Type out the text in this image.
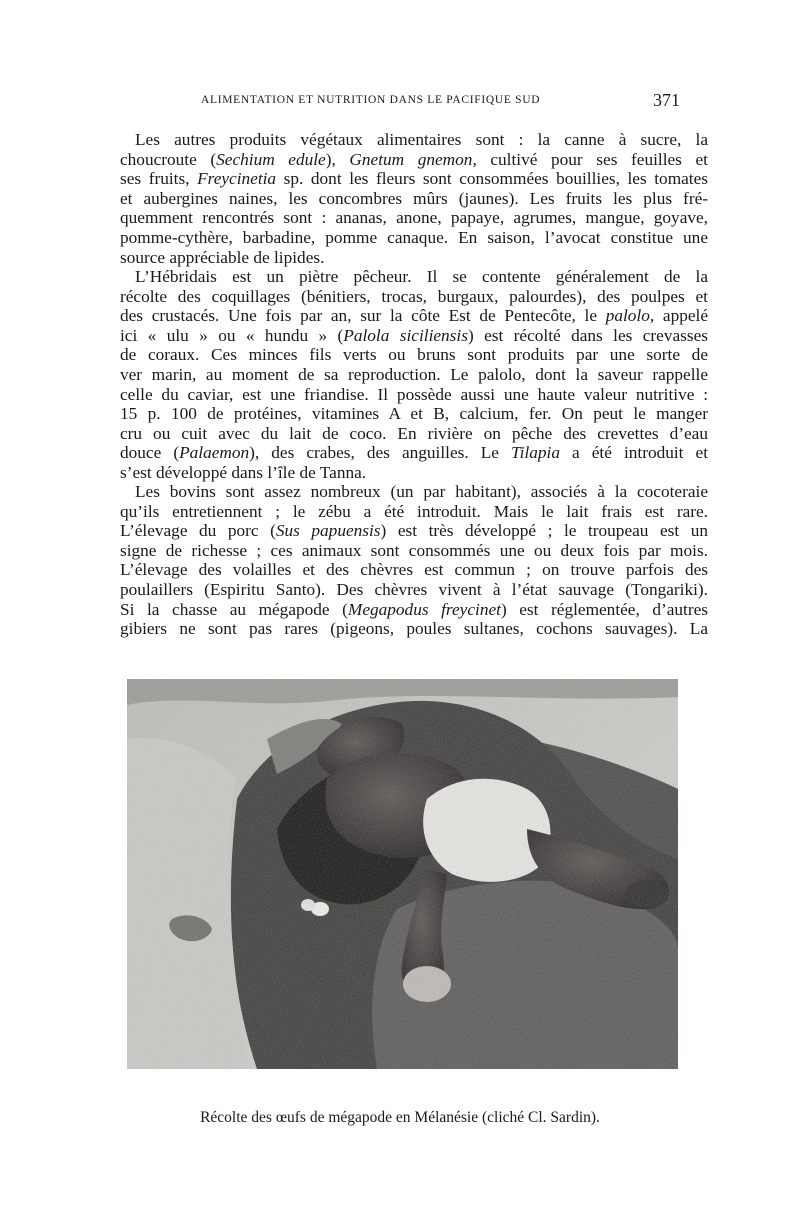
ALIMENTATION ET NUTRITION DANS LE PACIFIQUE SUD	371
Les autres produits végétaux alimentaires sont : la canne à sucre, la
choucroute (Sechium edule), Gnetum gnemon, cultivé pour ses feuilles et
ses fruits, Freycinetia sp. dont les fleurs sont consommées bouillies, les tomates
et aubergines naines, les concombres mûrs (jaunes). Les fruits les plus fré-
quemment rencontrés sont : ananas, anone, papaye, agrumes, mangue, goyave,
pomme-cythère, barbadine, pomme canaque. En saison, l’avocat constitue une
source appréciable de lipides.
L’Hébridais est un piètre pêcheur. Il se contente généralement de la
récolte des coquillages (bénitiers, trocas, burgaux, palourdes), des poulpes et
des crustacés. Une fois par an, sur la côte Est de Pentecôte, le palolo, appelé
ici « ulu » ou « hundu » (Palola siciliensis) est récolté dans les crevasses
de coraux. Ces minces fils verts ou bruns sont produits par une sorte de
ver marin, au moment de sa reproduction. Le palolo, dont la saveur rappelle
celle du caviar, est une friandise. Il possède aussi une haute valeur nutritive :
15 p. 100 de protéines, vitamines A et B, calcium, fer. On peut le manger
cru ou cuit avec du lait de coco. En rivière on pêche des crevettes d’eau
douce (Palaemon), des crabes, des anguilles. Le Tilapia a été introduit et
s’est développé dans l’île de Tanna.
Les bovins sont assez nombreux (un par habitant), associés à la cocoteraie
qu’ils entretiennent ; le zébu a été introduit. Mais le lait frais est rare.
L’élevage du porc (Sus papuensis) est très développé ; le troupeau est un
signe de richesse ; ces animaux sont consommés une ou deux fois par mois.
L’élevage des volailles et des chèvres est commun ; on trouve parfois des
poulaillers (Espiritu Santo). Des chèvres vivent à l’état sauvage (Tongariki).
Si la chasse au mégapode (Megapodus freycinet) est réglementée, d’autres
gibiers ne sont pas rares (pigeons, poules sultanes, cochons sauvages). La
Récolte des œufs de mégapode en Mélanésie (cliché Cl. Sardin).
